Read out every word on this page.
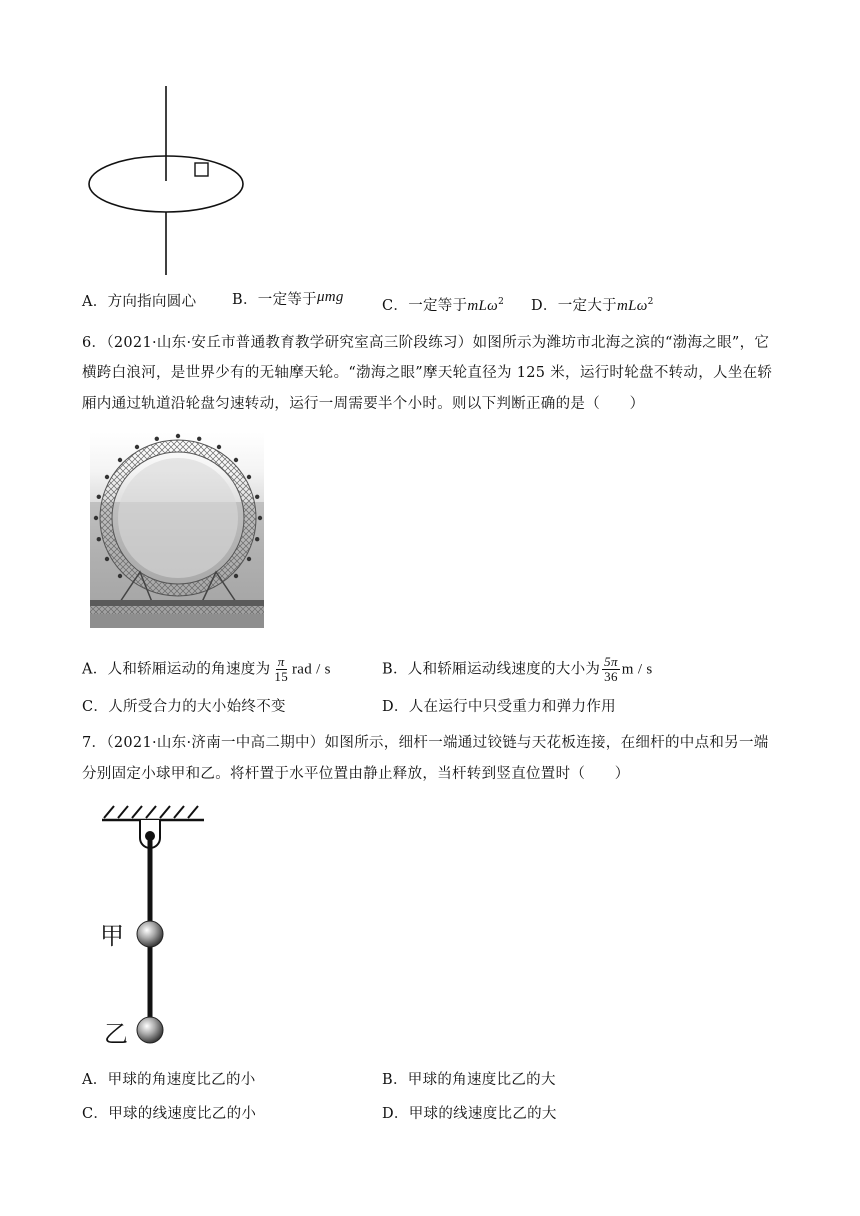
A．方向指向圆心 B．一定等于μmg
C．一定等于mLω$^2$ D．一定大于mLω$^2$
6．（2021·山东·安丘市普通教育教学研究室高三阶段练习）如图所示为潍坊市北海之滨的“渤海之眼”，它
横跨白浪河，是世界少有的无轴摩天轮。“渤海之眼”摩天轮直径为 125 米，运行时轮盘不转动，人坐在轿
厢内通过轨道沿轮盘匀速转动，运行一周需要半个小时。则以下判断正确的是（　　）
A．人和轿厢运动的角速度为 $\frac{\pi}{15}$ rad / s	B．人和轿厢运动线速度的大小为 $\frac{5\pi}{36}$ m / s
C．人所受合力的大小始终不变	D．人在运行中只受重力和弹力作用
7．（2021·山东·济南一中高二期中）如图所示，细杆一端通过铰链与天花板连接，在细杆的中点和另一端
分别固定小球甲和乙。将杆置于水平位置由静止释放，当杆转到竖直位置时（　　）
甲
乙
A．甲球的角速度比乙的小	B．甲球的角速度比乙的大
C．甲球的线速度比乙的小	D．甲球的线速度比乙的大
